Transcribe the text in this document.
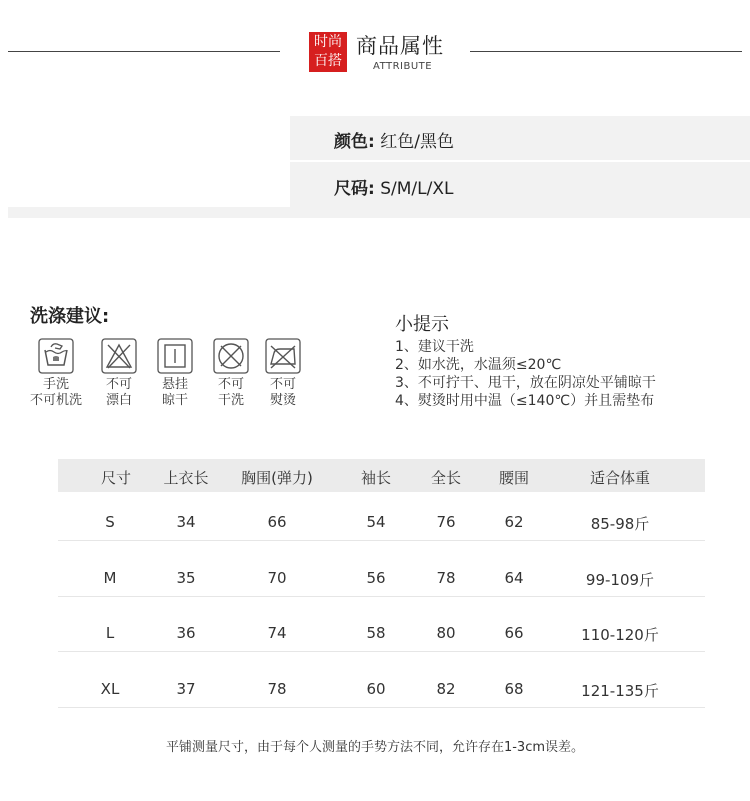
时尚
百搭
商品属性
ATTRIBUTE
颜色: 红色/黑色
尺码: S/M/L/XL
洗涤建议:
手洗
不可机洗
不可
漂白
悬挂
晾干
不可
干洗
不可
熨烫
小提示
1、建议干洗
2、如水洗，水温须≤20℃
3、不可拧干、甩干，放在阴凉处平铺晾干
4、熨烫时用中温（≤140℃）并且需垫布
尺寸 上衣长 胸围(弹力)	袖长	全长	腰围	适合体重
S	34	66	54	76	62	85-98斤
M	35	70	56	78	64	99-109斤
L	36	74	58	80	66	110-120斤
XL	37	78	60	82	68	121-135斤
平铺测量尺寸，由于每个人测量的手势方法不同，允许存在1-3cm误差。
